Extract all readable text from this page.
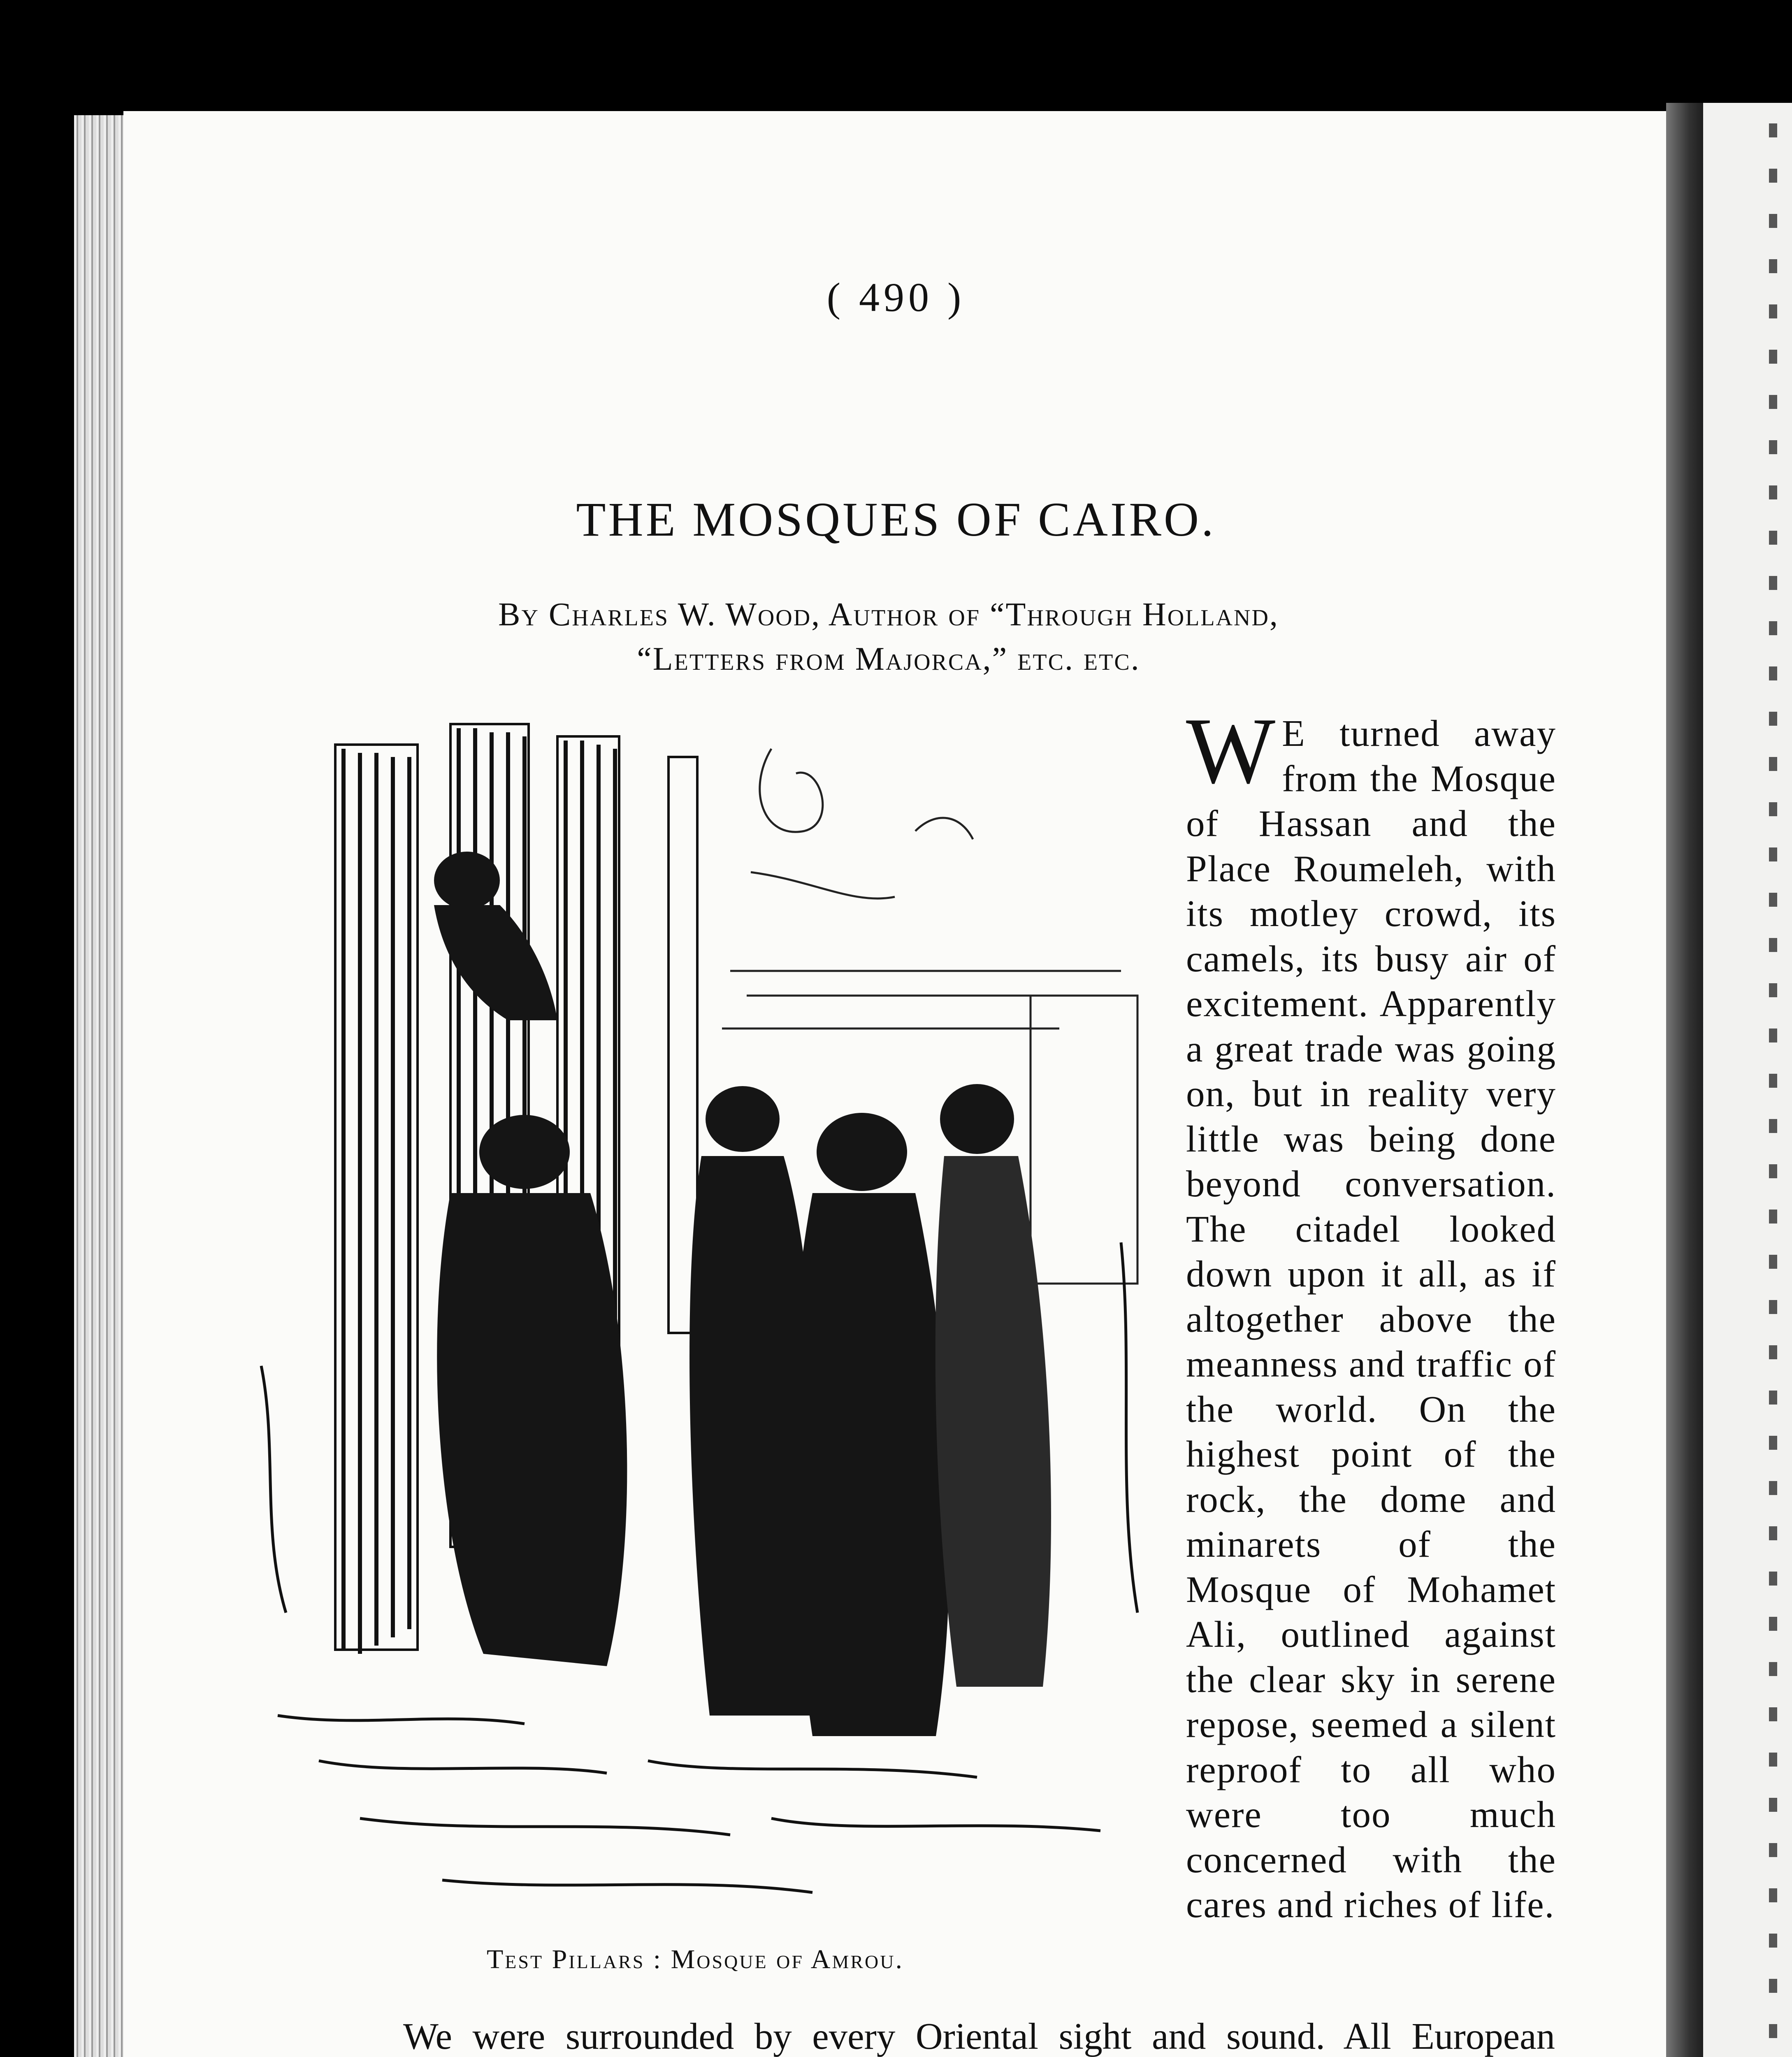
( 490 )
THE MOSQUES OF CAIRO.
By Charles W. Wood, Author of “Through Holland,
“Letters from Majorca,” etc. etc.
Test Pillars : Mosque of Amrou.
W E turned away from the Mosque of Hassan and the Place Roumeleh, with its motley crowd, its camels, its busy air of excitement. Apparently a great trade was going on, but in reality very little was being done beyond conversation. The citadel looked down upon it all, as if altogether above the meanness and traffic of the world. On the highest point of the rock, the dome and minarets of the Mosque of Mohamet Ali, outlined against the clear sky in serene repose, seemed a silent reproof to all who were too much concerned with the cares and riches of life.
We were surrounded by every Oriental sight and sound. All European
